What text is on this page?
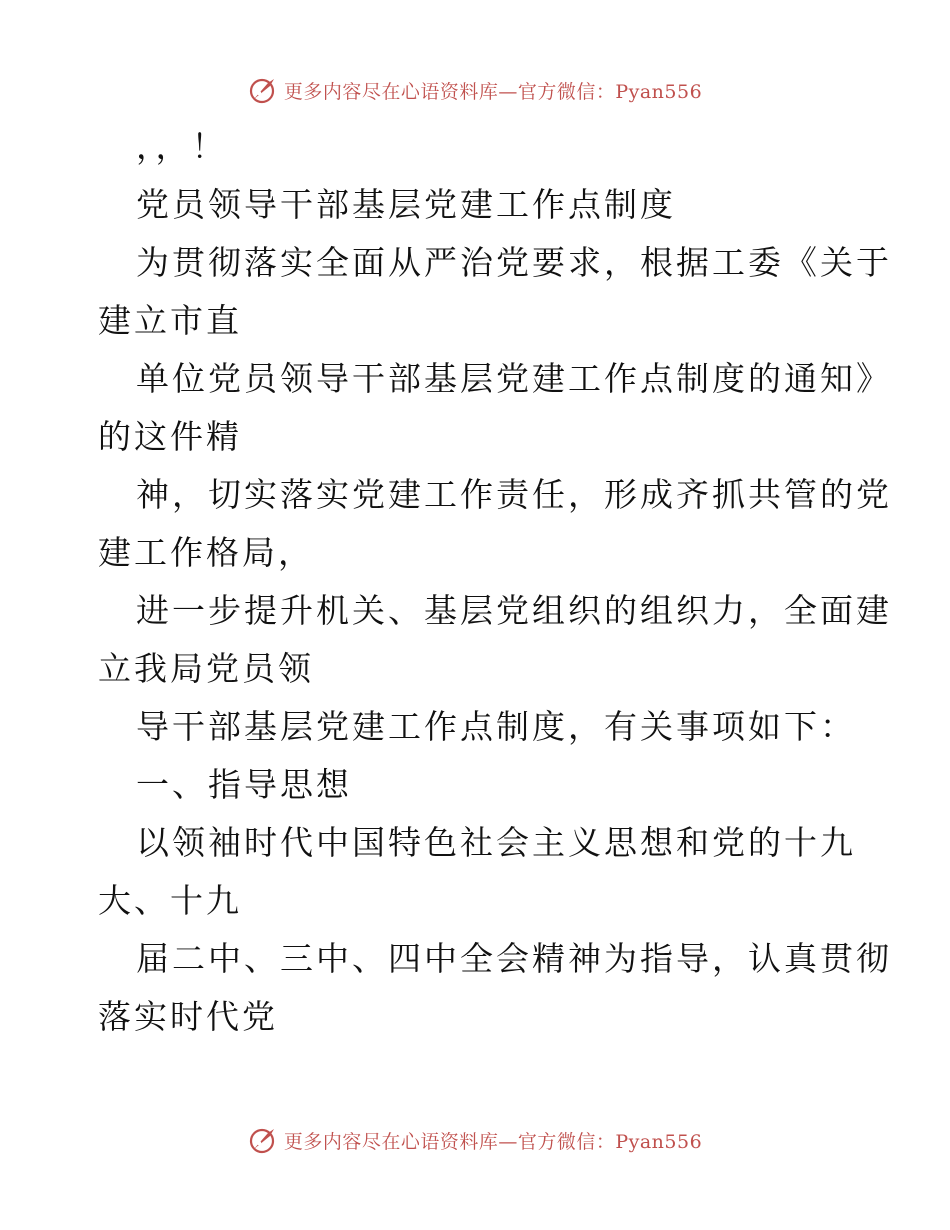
更多内容尽在心语资料库—官方微信：Pyan556
，，！
党员领导干部基层党建工作点制度
为贯彻落实全面从严治党要求，根据工委《关于
建立市直
单位党员领导干部基层党建工作点制度的通知》
的这件精
神，切实落实党建工作责任，形成齐抓共管的党
建工作格局，
进一步提升机关、基层党组织的组织力，全面建
立我局党员领
导干部基层党建工作点制度，有关事项如下：
一、指导思想
以领袖时代中国特色社会主义思想和党的十九
大、十九
届二中、三中、四中全会精神为指导，认真贯彻
落实时代党
更多内容尽在心语资料库—官方微信：Pyan556
